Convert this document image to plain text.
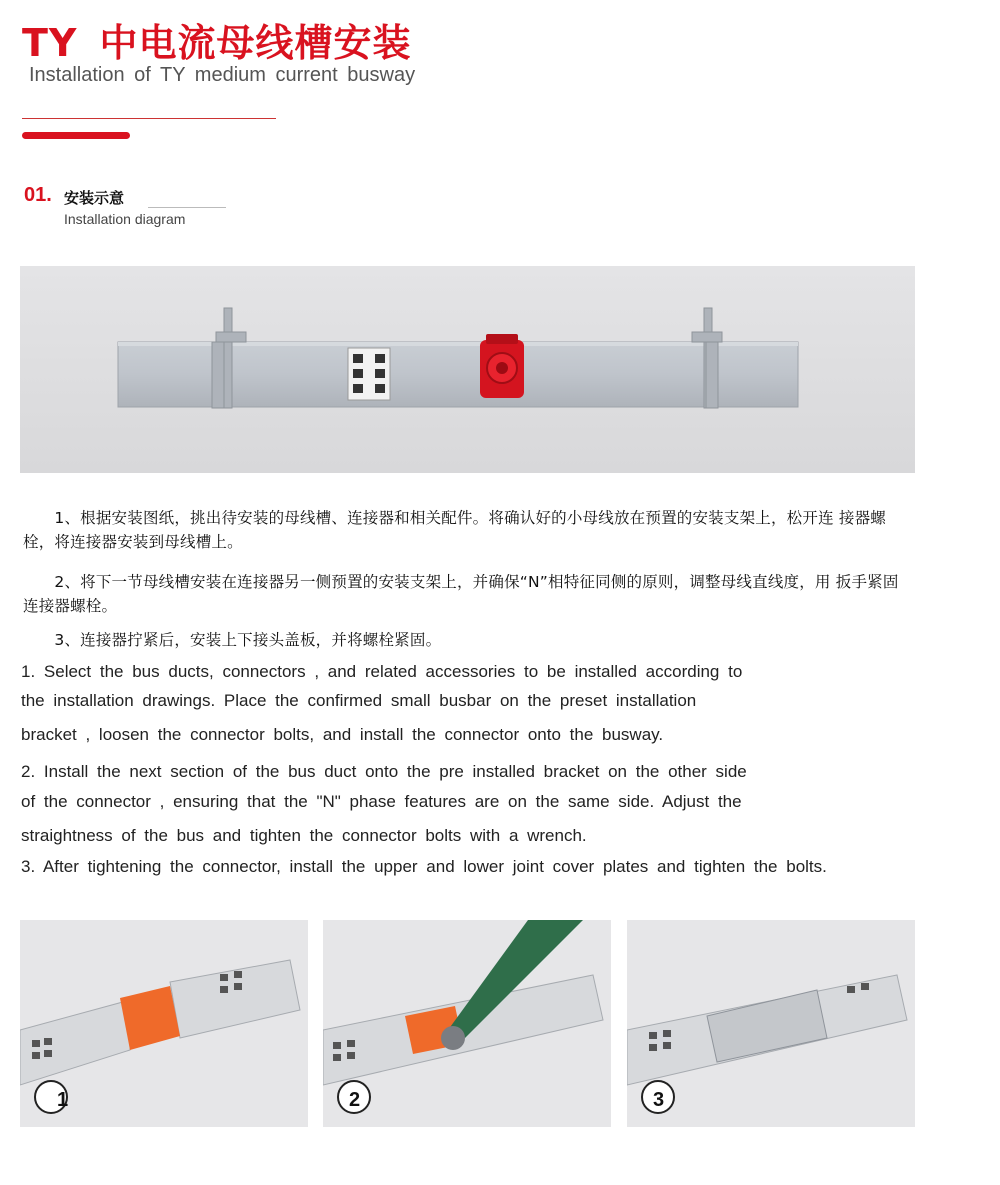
TY 中电流母线槽安装
Installation of TY medium current busway
01. 安装示意
Installation diagram
　　1、根据安装图纸，挑出待安装的母线槽、连接器和相关配件。将确认好的小母线放在预置的安装支架上，松开连 接器螺栓，将连接器安装到母线槽上。
　　2、将下一节母线槽安装在连接器另一侧预置的安装支架上，并确保“N”相特征同侧的原则，调整母线直线度，用 扳手紧固连接器螺栓。
　　3、连接器拧紧后，安装上下接头盖板，并将螺栓紧固。
1. Select the bus ducts, connectors , and related accessories to be installed according to
the installation drawings. Place the confirmed small busbar on the preset installation
bracket , loosen the connector bolts, and install the connector onto the busway.
2. Install the next section of the bus duct onto the pre installed bracket on the other side
of the connector , ensuring that the "N" phase features are on the same side. Adjust the
straightness of the bus and tighten the connector bolts with a wrench.
3. After tightening the connector, install the upper and lower joint cover plates and tighten the bolts.
1	2	3
